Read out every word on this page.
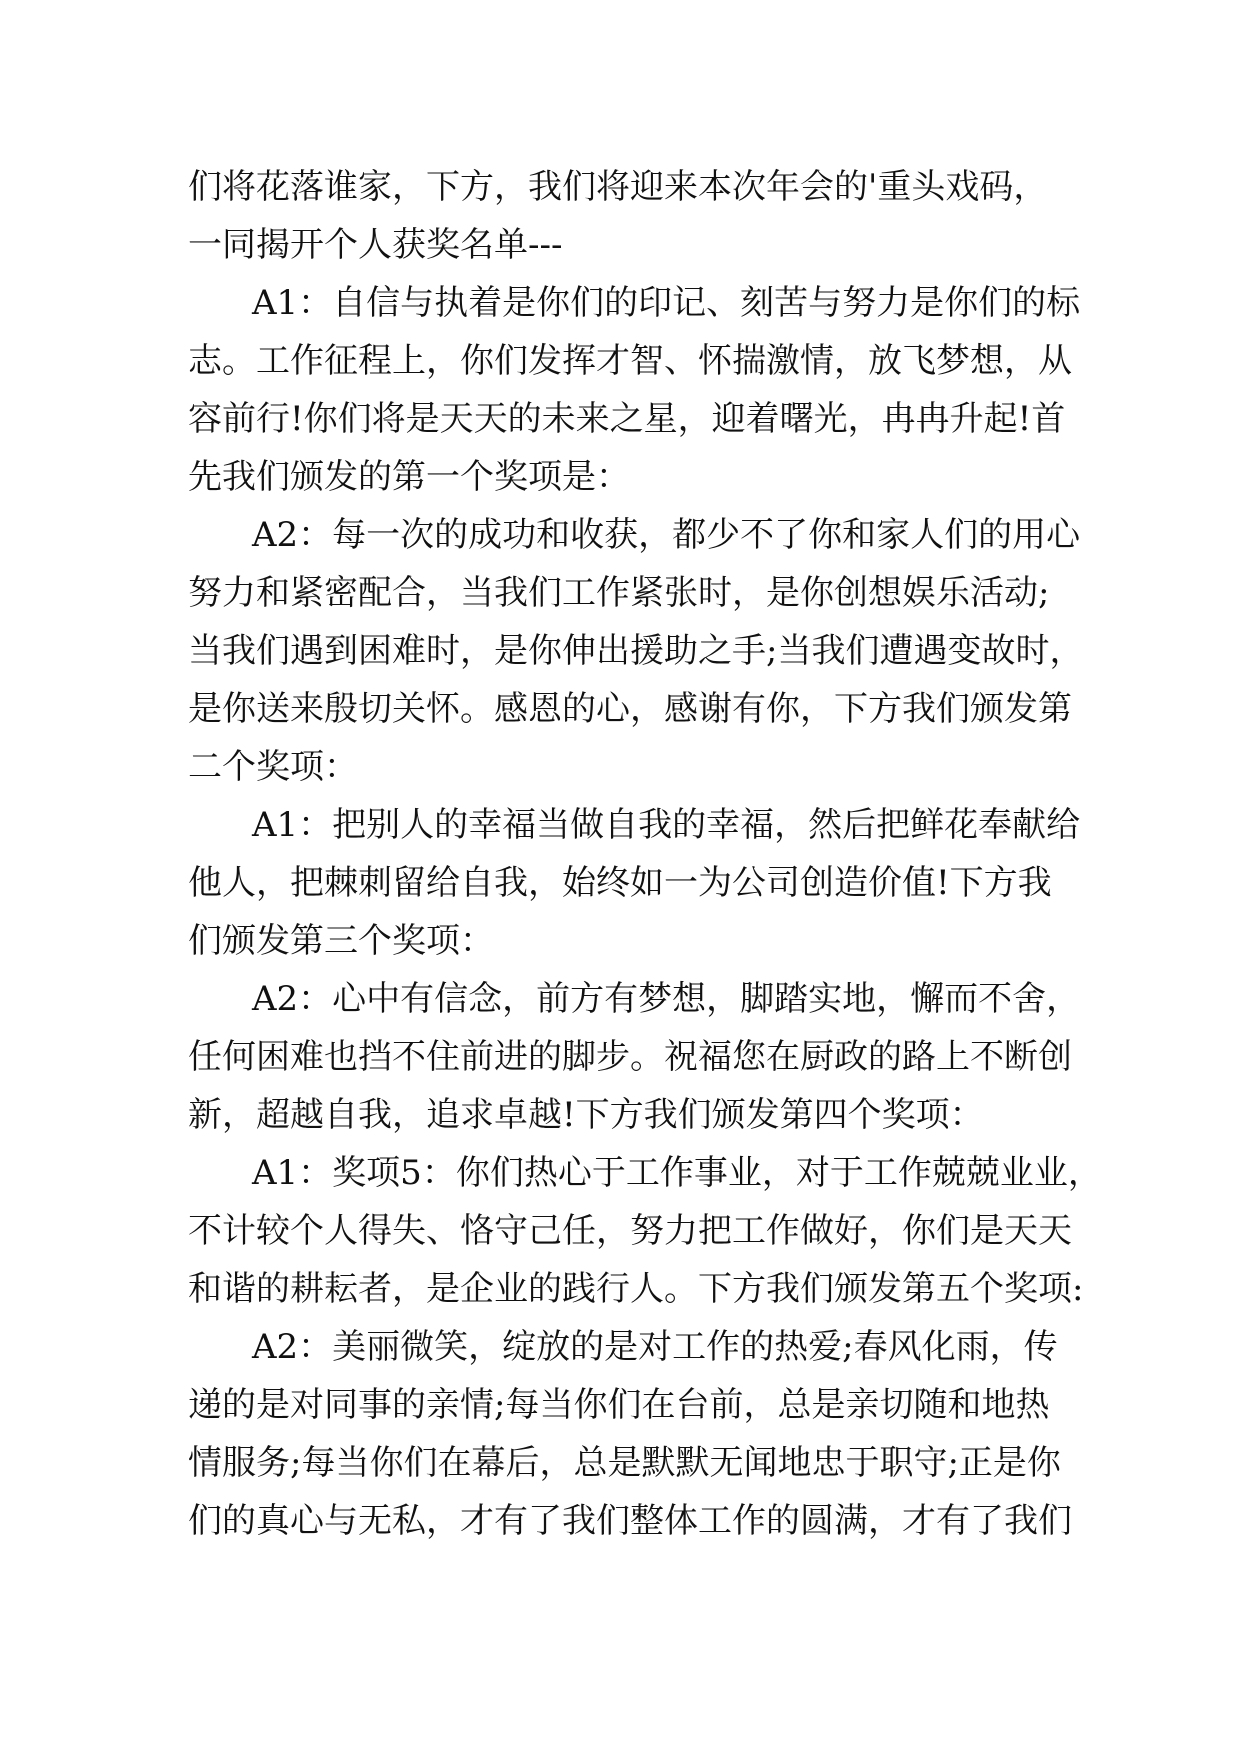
们将花落谁家，下方，我们将迎来本次年会的'重头戏码，
一同揭开个人获奖名单---
A1：自信与执着是你们的印记、刻苦与努力是你们的标
志。工作征程上，你们发挥才智、怀揣激情，放飞梦想，从
容前行!你们将是天天的未来之星，迎着曙光，冉冉升起!首
先我们颁发的第一个奖项是：
A2：每一次的成功和收获，都少不了你和家人们的用心
努力和紧密配合，当我们工作紧张时，是你创想娱乐活动;
当我们遇到困难时，是你伸出援助之手;当我们遭遇变故时，
是你送来殷切关怀。感恩的心，感谢有你，下方我们颁发第
二个奖项：
A1：把别人的幸福当做自我的幸福，然后把鲜花奉献给
他人，把棘刺留给自我，始终如一为公司创造价值!下方我
们颁发第三个奖项：
A2：心中有信念，前方有梦想，脚踏实地，懈而不舍，
任何困难也挡不住前进的脚步。祝福您在厨政的路上不断创
新，超越自我，追求卓越!下方我们颁发第四个奖项：
A1：奖项5：你们热心于工作事业，对于工作兢兢业业，
不计较个人得失、恪守己任，努力把工作做好，你们是天天
和谐的耕耘者，是企业的践行人。下方我们颁发第五个奖项:
A2：美丽微笑，绽放的是对工作的热爱;春风化雨，传
递的是对同事的亲情;每当你们在台前，总是亲切随和地热
情服务;每当你们在幕后，总是默默无闻地忠于职守;正是你
们的真心与无私，才有了我们整体工作的圆满，才有了我们
